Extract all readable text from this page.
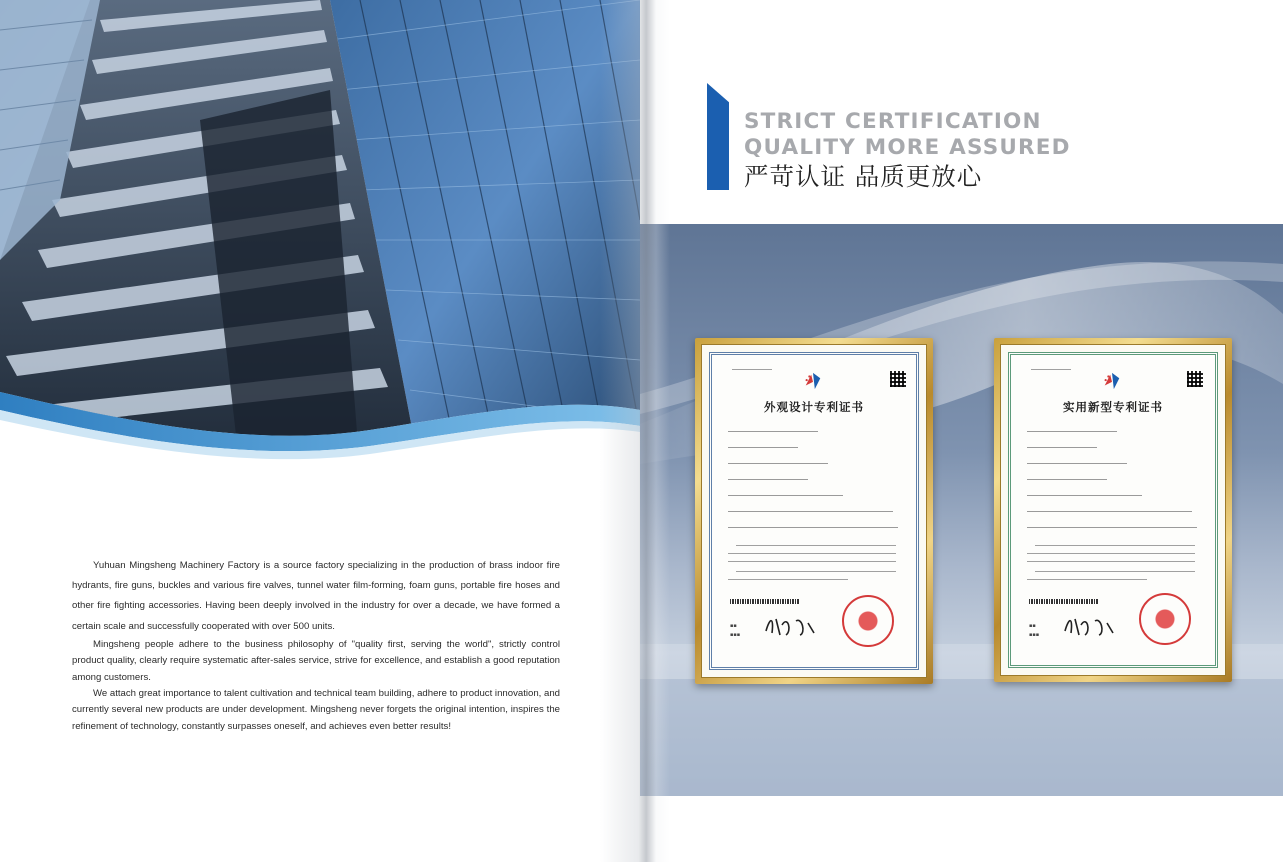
Yuhuan Mingsheng Machinery Factory is a source factory specializing in the production of brass indoor fire hydrants, fire guns, buckles and various fire valves, tunnel water film-forming, foam guns, portable fire hoses and other fire fighting accessories. Having been deeply involved in the industry for over a decade, we have formed a certain scale and successfully cooperated with over 500 units.

Mingsheng people adhere to the business philosophy of "quality first, serving the world", strictly control product quality, clearly require systematic after-sales service, strive for excellence, and establish a good reputation among customers.

We attach great importance to talent cultivation and technical team building, adhere to product innovation, and currently several new products are under development. Mingsheng never forgets the original intention, inspires the refinement of technology, constantly surpasses oneself, and achieves even better results!

STRICT CERTIFICATION
QUALITY MORE ASSURED
严苛认证 品质更放心
外观设计专利证书
▪▪
▪▪▪
实用新型专利证书
▪▪
▪▪▪
